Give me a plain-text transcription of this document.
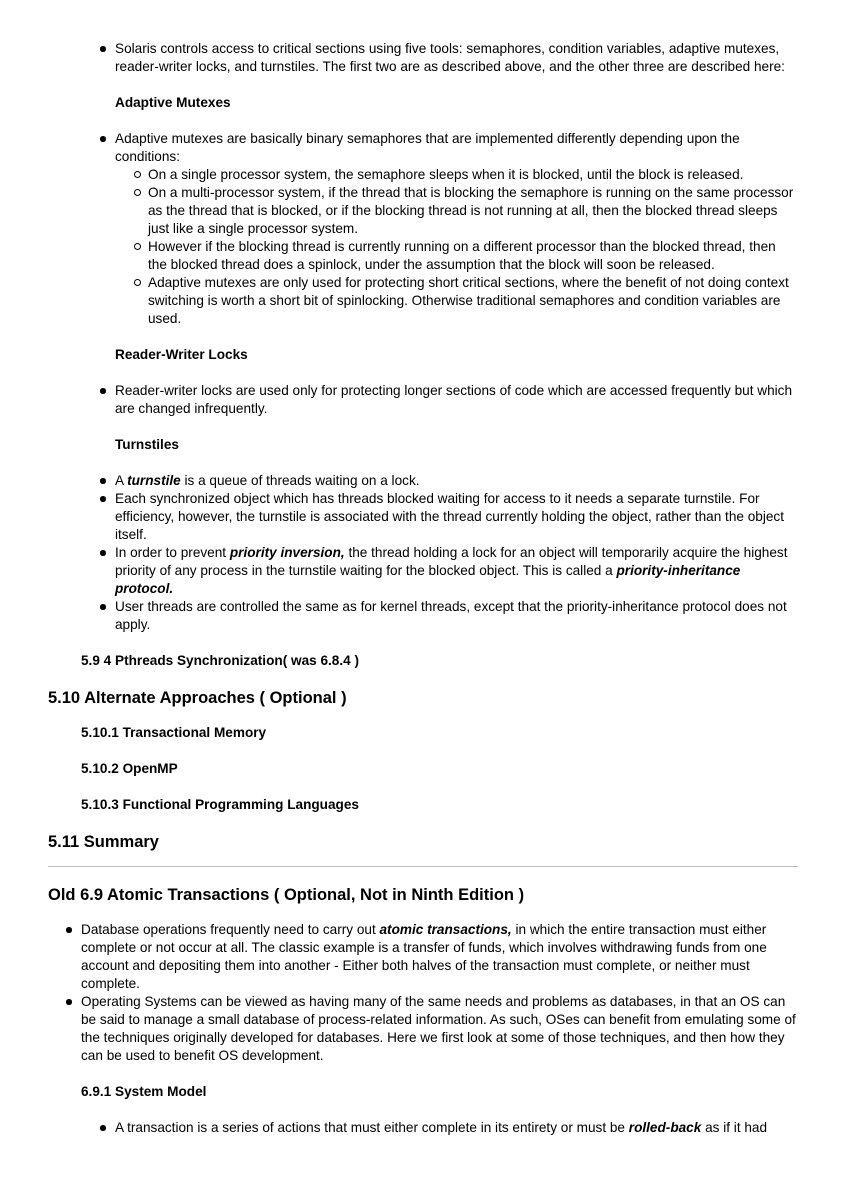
Solaris controls access to critical sections using five tools: semaphores, condition variables, adaptive mutexes, reader-writer locks, and turnstiles. The first two are as described above, and the other three are described here:

Adaptive Mutexes

Adaptive mutexes are basically binary semaphores that are implemented differently depending upon the conditions:
On a single processor system, the semaphore sleeps when it is blocked, until the block is released.
On a multi-processor system, if the thread that is blocking the semaphore is running on the same processor as the thread that is blocked, or if the blocking thread is not running at all, then the blocked thread sleeps just like a single processor system.
However if the blocking thread is currently running on a different processor than the blocked thread, then the blocked thread does a spinlock, under the assumption that the block will soon be released.
Adaptive mutexes are only used for protecting short critical sections, where the benefit of not doing context switching is worth a short bit of spinlocking. Otherwise traditional semaphores and condition variables are used.

Reader-Writer Locks

Reader-writer locks are used only for protecting longer sections of code which are accessed frequently but which are changed infrequently.

Turnstiles

A turnstile is a queue of threads waiting on a lock.
Each synchronized object which has threads blocked waiting for access to it needs a separate turnstile. For efficiency, however, the turnstile is associated with the thread currently holding the object, rather than the object itself.
In order to prevent priority inversion, the thread holding a lock for an object will temporarily acquire the highest priority of any process in the turnstile waiting for the blocked object. This is called a priority-inheritance protocol.
User threads are controlled the same as for kernel threads, except that the priority-inheritance protocol does not apply.

5.9 4 Pthreads Synchronization( was 6.8.4 )

5.10 Alternate Approaches ( Optional )

5.10.1 Transactional Memory

5.10.2 OpenMP

5.10.3 Functional Programming Languages

5.11 Summary

Old 6.9 Atomic Transactions ( Optional, Not in Ninth Edition )

Database operations frequently need to carry out atomic transactions, in which the entire transaction must either complete or not occur at all. The classic example is a transfer of funds, which involves withdrawing funds from one account and depositing them into another - Either both halves of the transaction must complete, or neither must complete.
Operating Systems can be viewed as having many of the same needs and problems as databases, in that an OS can be said to manage a small database of process-related information. As such, OSes can benefit from emulating some of the techniques originally developed for databases. Here we first look at some of those techniques, and then how they can be used to benefit OS development.

6.9.1 System Model

A transaction is a series of actions that must either complete in its entirety or must be rolled-back as if it had
